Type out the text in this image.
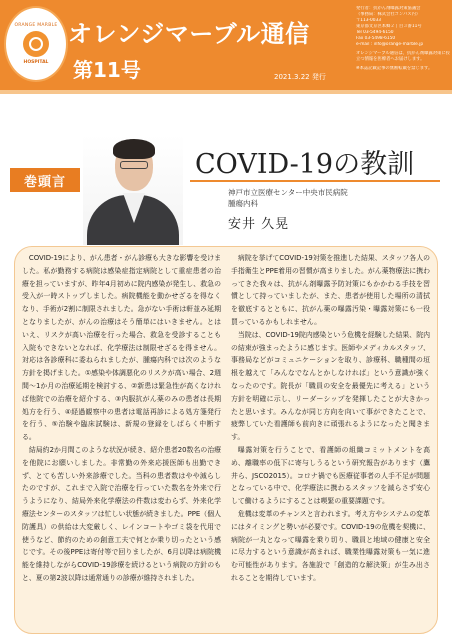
ORANGE MARBLE
HOSPITAL
オレンジマーブル通信
第11号	2021.3.22 発行
発行者：抗がん剤曝露対策協議会
（事務局：株式会社コンパス内）
〒113-0033
東京都文京区本郷２丁目３番11号
Tel 03-5494-6150
Fax 03-5498-6150
e-mail : info@orange-marble.jp
オレンジマーブル通信は、抗がん剤曝露対策に役立つ情報を医療者へお届けします。
※本誌記載記事の無断転載を禁じます。
巻頭言
COVID-19の教訓
神戸市立医療センター中央市民病院
腫瘍内科
安井 久晃

COVID-19により、がん患者・がん診療も大きな影響を受けました。私が勤務する病院は感染症指定病院として重症患者の治療を担っていますが、昨年4月初めに院内感染が発生し、救急の受入が一時ストップしました。病院機能を動かせざるを得なくなり、手術が2割に制限されました。急がない手術は軒並み延期となりましたが、がんの治療はそう簡単にはいきません。とはいえ、リスクが高い治療を行った場合、救急を受診することも入院もできないとなれば、化学療法は制限せざるを得ません。対応は各診療科に委ねられましたが、腫瘍内科では次のような方針を掲げました。①感染や体調悪化のリスクが高い場合、2週間～1か月の治療延期を検討する、②新患は緊急性が高くなければ他院での治療を紹介する、③内服抗がん薬のみの患者は長期処方を行う、④経過観察中の患者は電話再診による処方箋発行を行う、⑤治験や臨床試験は、新規の登録をしばらく中断する。

結局約2か月間このような状況が続き、紹介患者20数名の治療を他院にお願いしました。非常勤の外来応援医師も出勤できず、とても苦しい外来診療でした。当科の患者数はやや減らしたのですが、これまで入院で治療を行っていた数名を外来で行うようになり、結局外来化学療法の件数は変わらず、外来化学療法センターのスタッフは忙しい状態が続きました。PPE（個人防護具）の供給は大変厳しく、レインコートやゴミ袋を代用で使うなど、節約のための創意工夫で何とか乗り切ったという感じです。その後PPEは寄付等で回りましたが、6月以降は病院機能を維持しながらCOVID-19診療を続けるという病院の方針のもと、夏の第2波以降は通常通りの診療が維持されました。

病院を挙げてCOVID-19対策を推進した結果、スタッフ各人の手指衛生とPPE着用の習慣が高まりました。がん薬物療法に携わってきた我々は、抗がん剤曝露予防対策にもかかわる手技を習慣として持っていましたが、また、患者が使用した場所の清拭を徹底するとともに、抗がん薬の曝露汚染・曝露対策にも一役買っているかもしれません。

当院は、COVID-19院内感染という危機を経験した結果、院内の結束が強まったように感じます。医師やメディカルスタッフ、事務局などがコミュニケーションを取り、診療科、職種間の垣根を越えて「みんなでなんとかしなければ」という意識が強くなったのです。院長が「職員の安全を最優先に考える」という方針を明確に示し、リーダーシップを発揮したことが大きかったと思います。みんなが同じ方向を向いて事ができたことで、疲弊していた看護師も前向きに頑張れるようになったと聞きます。

曝露対策を行うことで、看護師の組織コミットメントを高め、離職率の低下に寄与しうるという研究報告があります（鷹井ら、JSCO2015）。コロナ禍でも医療従事者の人手不足が問題となっている中で、化学療法に携わるスタッフを減らさず安心して働けるようにすることは喫緊の重要課題です。

危機は変革のチャンスと言われます。考え方やシステムの変革にはタイミングと勢いが必要です。COVID-19の危機を契機に、病院が一丸となって曝露を乗り切り、職員と地域の健康と安全に尽力するという意識が高まれば、職業性曝露対策も一気に進む可能性があります。各施設で「創造的な解決策」が生み出されることを期待しています。
